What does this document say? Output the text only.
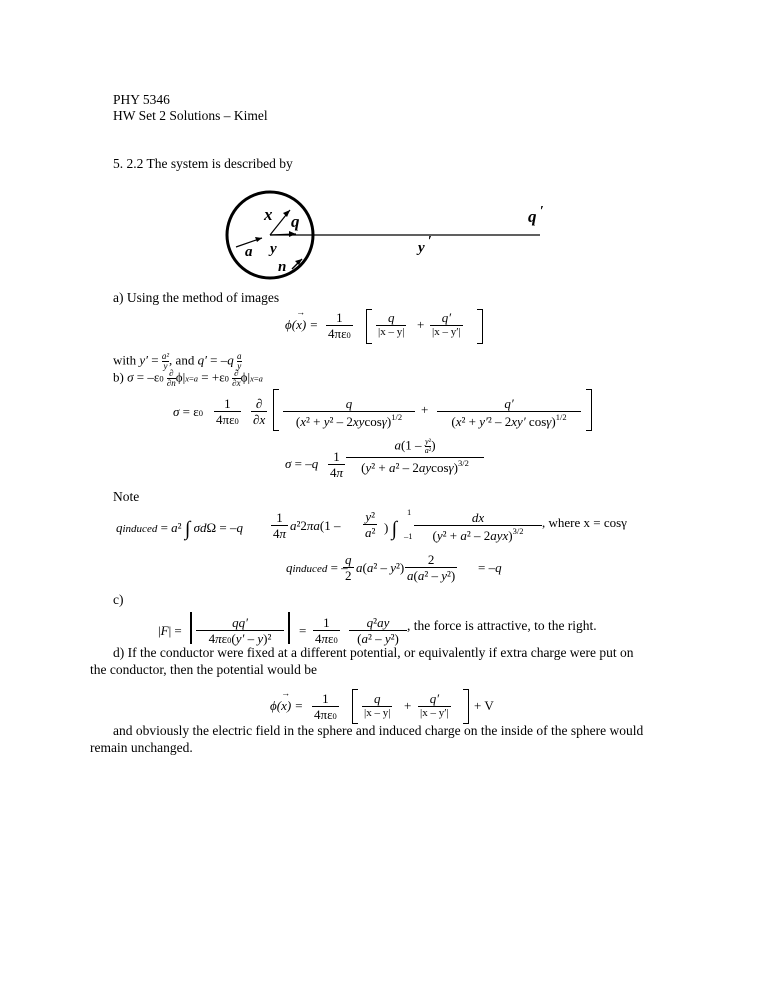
PHY 5346
HW Set 2 Solutions – Kimel
5. 2.2 The system is described by
x q
a y
n
q ′
y ′
a) Using the method of images
ϕ(x
→
) = $\frac{1}{4\pi\varepsilon 0}$	q
|x – y| +	q′
|x – y′|
with $y' = \frac{\text{a²}}{y}$ , and $q' = -q \frac{a}{y}$
b) σ = –ε0
∂
∂n ϕ|x=a = +ε0
∂
∂x ϕ|x=a
$\sigma = \varepsilon 0 \frac{1}{4\pi\varepsilon 0}$	∂
$\partial x \frac{q}{(x^2 + y^2 - 2xycos\gamma)^{1/2}} + \frac{q'}{(x^2 + y'^2 - 2xy' \cos\gamma)^{1/2}}$
$\sigma = -q \frac{1}{4\pi} \frac{a(1 - \frac{\text{y²}}{\text{a²}} )}{(y^2 + a^2 - 2aycos\gamma)^{3/2}}$
Note
qinduced = a² ∫ $\sigma d\Omega = -q \frac{1}{4\pi} a^22\pi a(1 - \frac{\text{y²}}{\text{a²}}$ ) ∫
1
–1
dx
$(y^2 + a^2 - 2ayx)^{3/2}$
, where x = cosγ
qinduced = –
$\frac{q}{2} a(a^2 - y^2) \frac{2}{\text{a(a² – y²)}} = -q$
c)
$|F| = \frac{qq'}{\text{4πε0(y′ – y)²}} = \frac{1}{4\pi\varepsilon 0} \frac{\text{q²ay}}{\text{(a² – y²)}}$ , the force is attractive, to the right.
d) If the conductor were fixed at a different potential, or equivalently if extra charge were put on
the conductor, then the potential would be
ϕ(x
→
) = $\frac{1}{4\pi\varepsilon 0}$	q
|x – y| +	q′
|x – y′| + V
and obviously the electric field in the sphere and induced charge on the inside of the sphere would
remain unchanged.
